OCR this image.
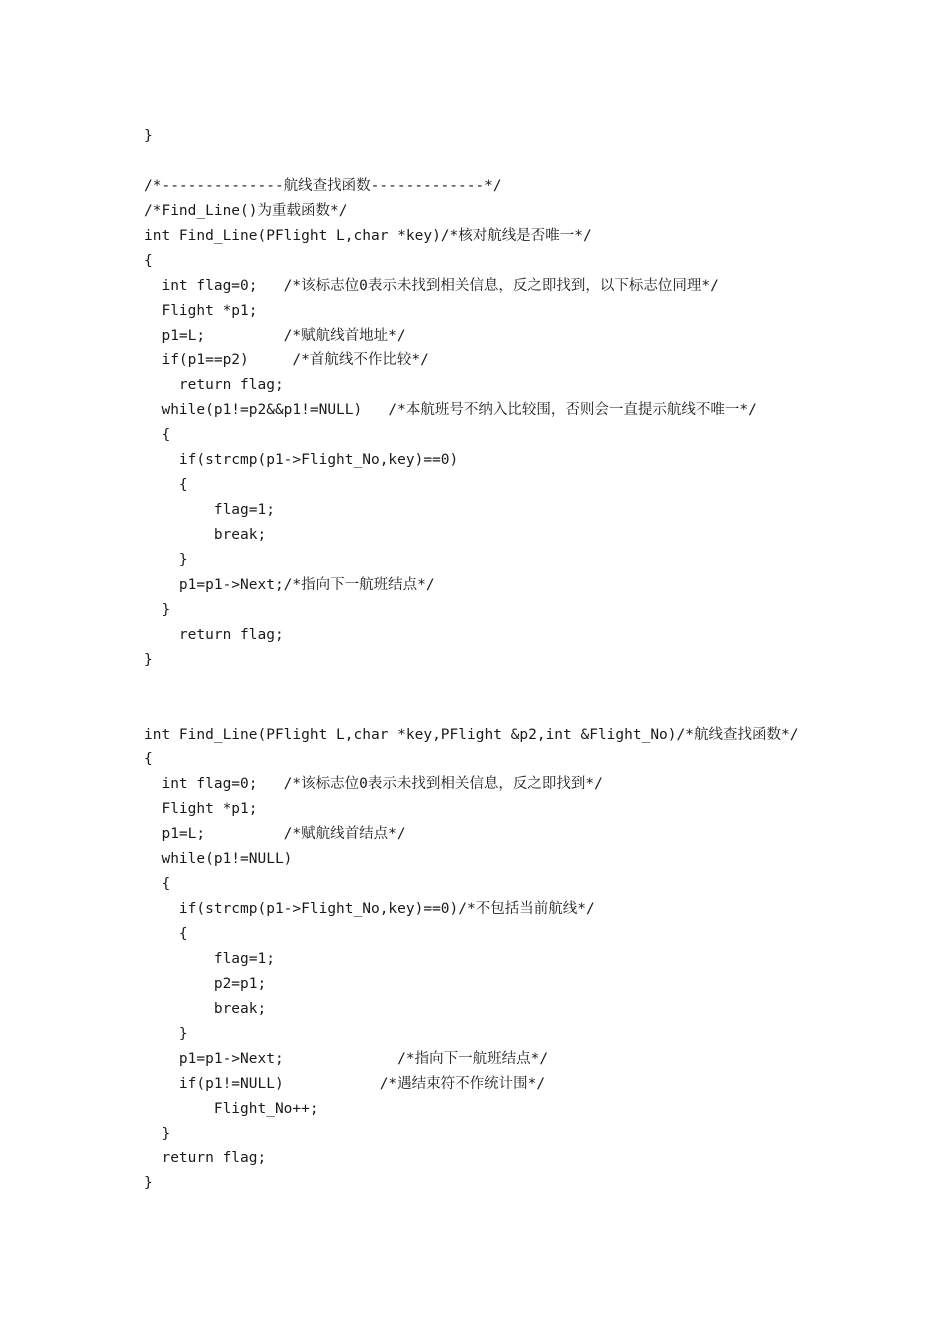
}
/*--------------航线查找函数-------------*/
/*Find_Line()为重载函数*/
int Find_Line(PFlight L,char *key)/*核对航线是否唯一*/
{
int flag=0;   /*该标志位0表示未找到相关信息，反之即找到，以下标志位同理*/
Flight *p1;
p1=L;         /*赋航线首地址*/
if(p1==p2)     /*首航线不作比较*/
return flag;
while(p1!=p2&&p1!=NULL)   /*本航班号不纳入比较围，否则会一直提示航线不唯一*/
{
if(strcmp(p1->Flight_No,key)==0)
{
flag=1;
break;
}
p1=p1->Next;/*指向下一航班结点*/
}
return flag;
}
int Find_Line(PFlight L,char *key,PFlight &p2,int &Flight_No)/*航线查找函数*/
{
int flag=0;   /*该标志位0表示未找到相关信息，反之即找到*/
Flight *p1;
p1=L;         /*赋航线首结点*/
while(p1!=NULL)
{
if(strcmp(p1->Flight_No,key)==0)/*不包括当前航线*/
{
flag=1;
p2=p1;
break;
}
p1=p1->Next;             /*指向下一航班结点*/
if(p1!=NULL)           /*遇结束符不作统计围*/
Flight_No++;
}
return flag;
}
